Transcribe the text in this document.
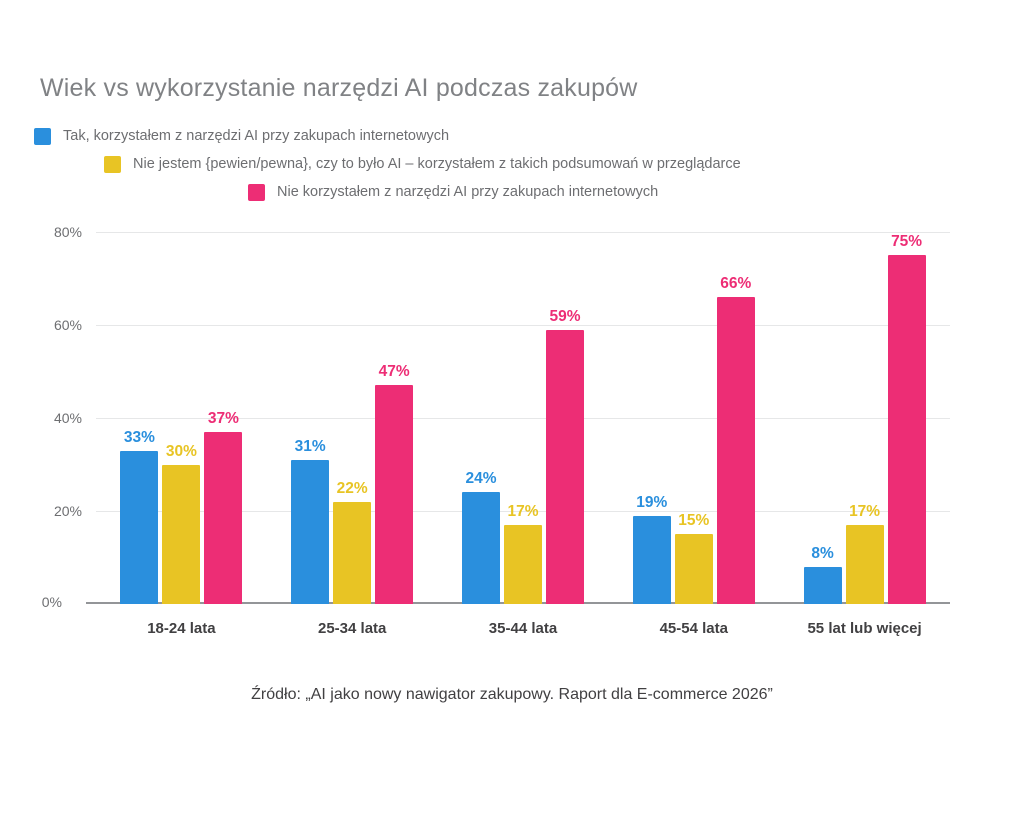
Wiek vs wykorzystanie narzędzi AI podczas zakupów
Tak, korzystałem z narzędzi AI przy zakupach internetowych
Nie jestem {pewien/pewna}, czy to było AI – korzystałem z takich podsumowań w przeglądarce
Nie korzystałem z narzędzi AI przy zakupach internetowych
80%
60%
40%
20%
0%
33%
30%
37%
18-24 lata
31%
22%
47%
25-34 lata
24%
17%
59%
35-44 lata
19%
15%
66%
45-54 lata
8%
17%
75%
55 lat lub więcej
Źródło: „AI jako nowy nawigator zakupowy. Raport dla E-commerce 2026”
